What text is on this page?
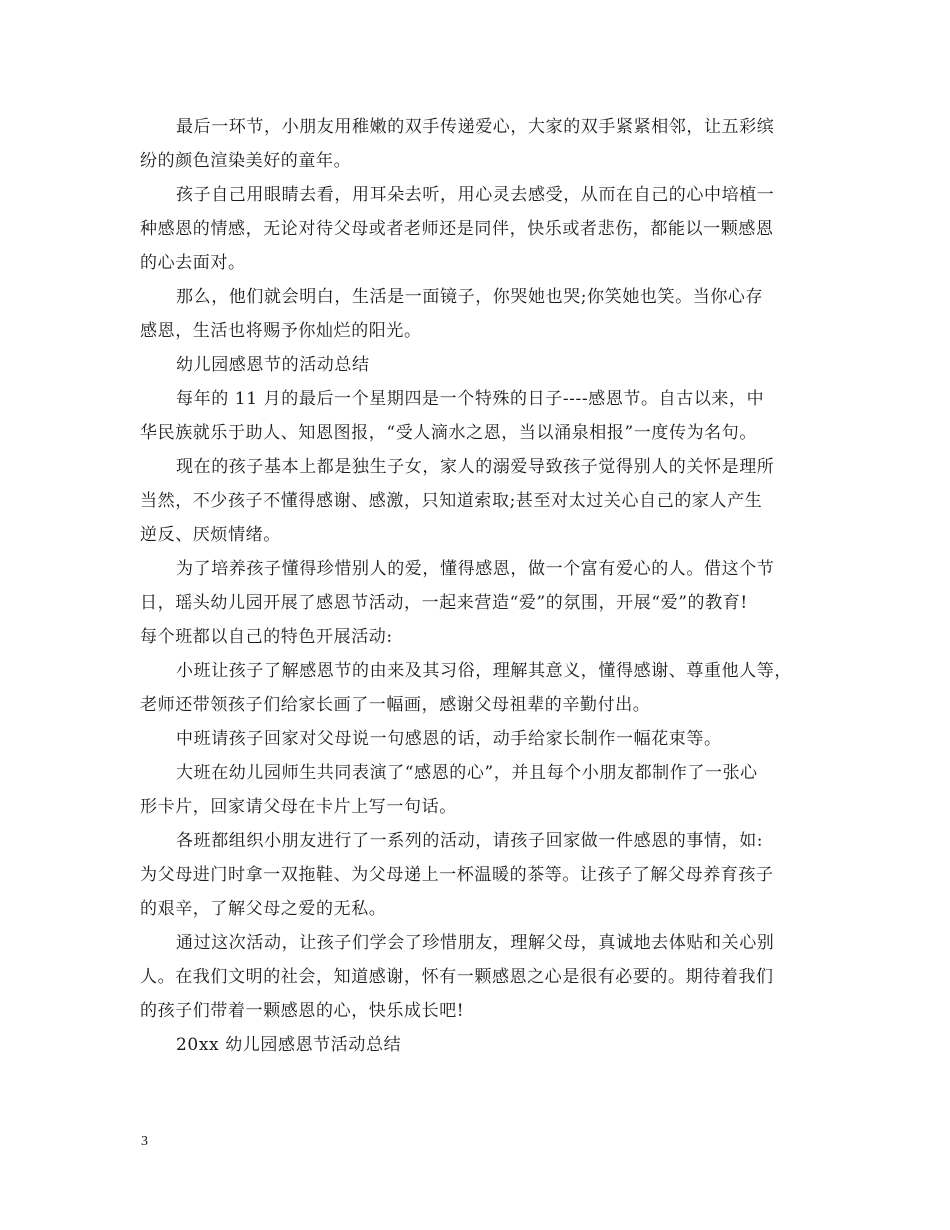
最后一环节，小朋友用稚嫩的双手传递爱心，大家的双手紧紧相邻，让五彩缤
纷的颜色渲染美好的童年。
孩子自己用眼睛去看，用耳朵去听，用心灵去感受，从而在自己的心中培植一
种感恩的情感，无论对待父母或者老师还是同伴，快乐或者悲伤，都能以一颗感恩
的心去面对。
那么，他们就会明白，生活是一面镜子，你哭她也哭;你笑她也笑。当你心存
感恩，生活也将赐予你灿烂的阳光。
幼儿园感恩节的活动总结
每年的 11 月的最后一个星期四是一个特殊的日子----感恩节。自古以来，中
华民族就乐于助人、知恩图报，“受人滴水之恩，当以涌泉相报”一度传为名句。
现在的孩子基本上都是独生子女，家人的溺爱导致孩子觉得别人的关怀是理所
当然，不少孩子不懂得感谢、感激，只知道索取;甚至对太过关心自己的家人产生
逆反、厌烦情绪。
为了培养孩子懂得珍惜别人的爱，懂得感恩，做一个富有爱心的人。借这个节
日，瑶头幼儿园开展了感恩节活动，一起来营造“爱”的氛围，开展“爱”的教育!
每个班都以自己的特色开展活动:
小班让孩子了解感恩节的由来及其习俗，理解其意义，懂得感谢、尊重他人等，
老师还带领孩子们给家长画了一幅画，感谢父母祖辈的辛勤付出。
中班请孩子回家对父母说一句感恩的话，动手给家长制作一幅花束等。
大班在幼儿园师生共同表演了“感恩的心”，并且每个小朋友都制作了一张心
形卡片，回家请父母在卡片上写一句话。
各班都组织小朋友进行了一系列的活动，请孩子回家做一件感恩的事情，如:
为父母进门时拿一双拖鞋、为父母递上一杯温暖的茶等。让孩子了解父母养育孩子
的艰辛，了解父母之爱的无私。
通过这次活动，让孩子们学会了珍惜朋友，理解父母，真诚地去体贴和关心别
人。在我们文明的社会，知道感谢，怀有一颗感恩之心是很有必要的。期待着我们
的孩子们带着一颗感恩的心，快乐成长吧!
20xx 幼儿园感恩节活动总结
3
